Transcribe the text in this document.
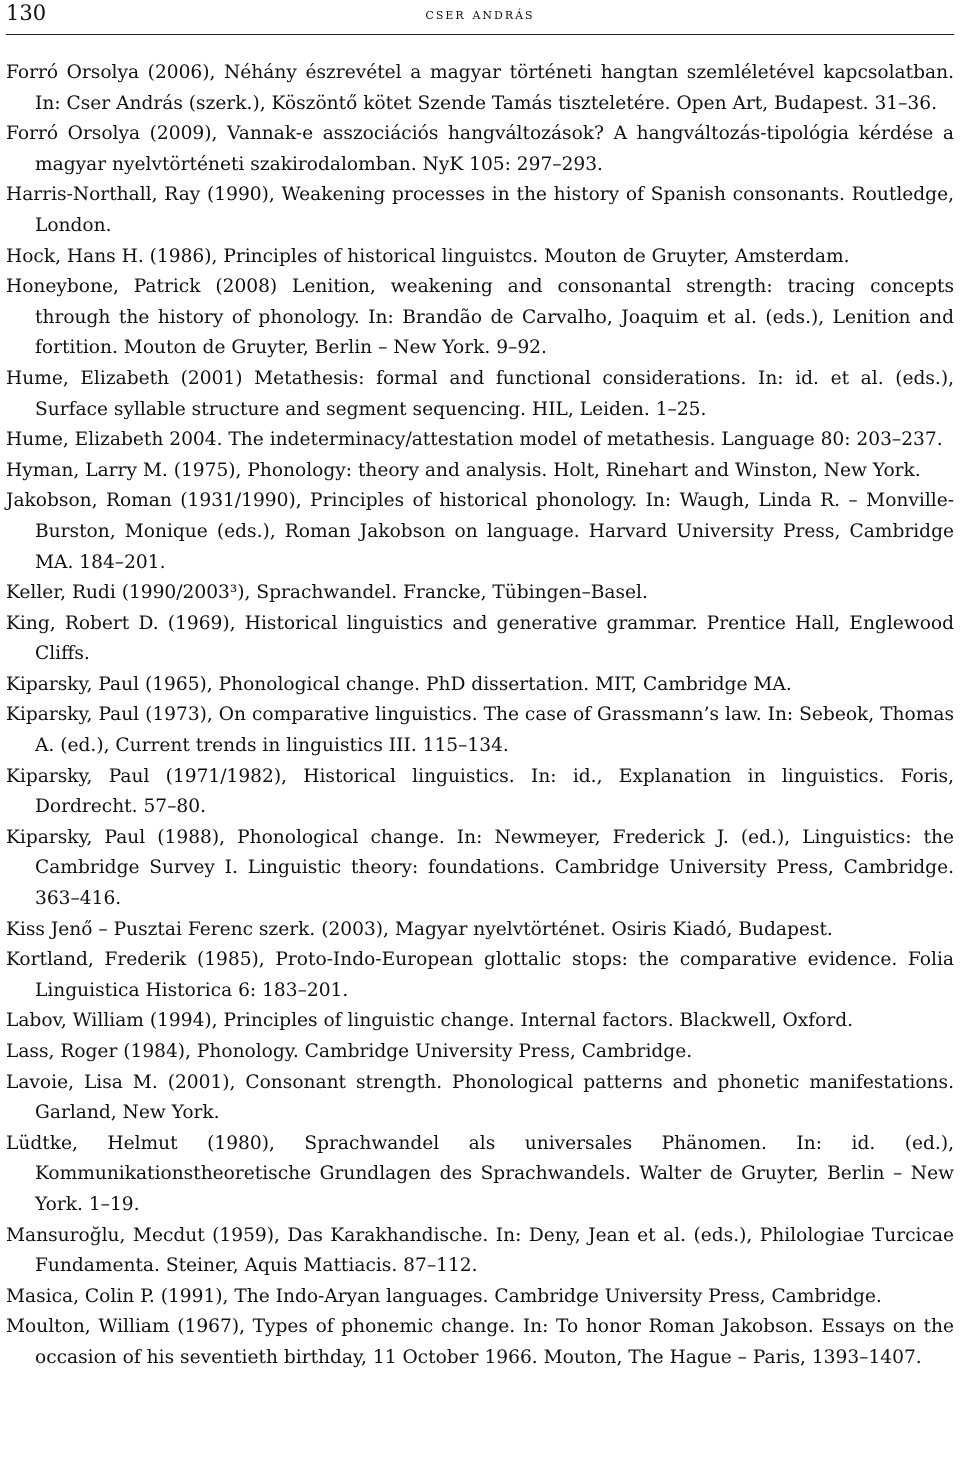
130	cser andrás
Forró Orsolya (2006), Néhány észrevétel a magyar történeti hangtan szemléletével kapcsolatban. In: Cser András (szerk.), Köszöntő kötet Szende Tamás tiszteletére. Open Art, Budapest. 31–36.
Forró Orsolya (2009), Vannak-e asszociációs hangváltozások? A hangváltozás-tipológia kérdése a magyar nyelvtörténeti szakirodalomban. NyK 105: 297–293.
Harris-Northall, Ray (1990), Weakening processes in the history of Spanish consonants. Routledge, London.
Hock, Hans H. (1986), Principles of historical linguistcs. Mouton de Gruyter, Amsterdam.
Honeybone, Patrick (2008) Lenition, weakening and consonantal strength: tracing concepts through the history of phonology. In: Brandão de Carvalho, Joaquim et al. (eds.), Lenition and fortition. Mouton de Gruyter, Berlin – New York. 9–92.
Hume, Elizabeth (2001) Metathesis: formal and functional considerations. In: id. et al. (eds.), Surface syllable structure and segment sequencing. HIL, Leiden. 1–25.
Hume, Elizabeth 2004. The indeterminacy/attestation model of metathesis. Language 80: 203–237.
Hyman, Larry M. (1975), Phonology: theory and analysis. Holt, Rinehart and Winston, New York.
Jakobson, Roman (1931/1990), Principles of historical phonology. In: Waugh, Linda R. – Monville-Burston, Monique (eds.), Roman Jakobson on language. Harvard University Press, Cambridge MA. 184–201.
Keller, Rudi (1990/2003³), Sprachwandel. Francke, Tübingen–Basel.
King, Robert D. (1969), Historical linguistics and generative grammar. Prentice Hall, Englewood Cliffs.
Kiparsky, Paul (1965), Phonological change. PhD dissertation. MIT, Cambridge MA.
Kiparsky, Paul (1973), On comparative linguistics. The case of Grassmann’s law. In: Sebeok, Thomas A. (ed.), Current trends in linguistics III. 115–134.
Kiparsky, Paul (1971/1982), Historical linguistics. In: id., Explanation in linguistics. Foris, Dordrecht. 57–80.
Kiparsky, Paul (1988), Phonological change. In: Newmeyer, Frederick J. (ed.), Linguistics: the Cambridge Survey I. Linguistic theory: foundations. Cambridge University Press, Cambridge. 363–416.
Kiss Jenő – Pusztai Ferenc szerk. (2003), Magyar nyelvtörténet. Osiris Kiadó, Budapest.
Kortland, Frederik (1985), Proto-Indo-European glottalic stops: the comparative evidence. Folia Linguistica Historica 6: 183–201.
Labov, William (1994), Principles of linguistic change. Internal factors. Blackwell, Oxford.
Lass, Roger (1984), Phonology. Cambridge University Press, Cambridge.
Lavoie, Lisa M. (2001), Consonant strength. Phonological patterns and phonetic manifestations. Garland, New York.
Lüdtke, Helmut (1980), Sprachwandel als universales Phänomen. In: id. (ed.), Kommunikationstheoretische Grundlagen des Sprachwandels. Walter de Gruyter, Berlin – New York. 1–19.
Mansuroğlu, Mecdut (1959), Das Karakhandische. In: Deny, Jean et al. (eds.), Philologiae Turcicae Fundamenta. Steiner, Aquis Mattiacis. 87–112.
Masica, Colin P. (1991), The Indo-Aryan languages. Cambridge University Press, Cambridge.
Moulton, William (1967), Types of phonemic change. In: To honor Roman Jakobson. Essays on the occasion of his seventieth birthday, 11 October 1966. Mouton, The Hague – Paris, 1393–1407.
